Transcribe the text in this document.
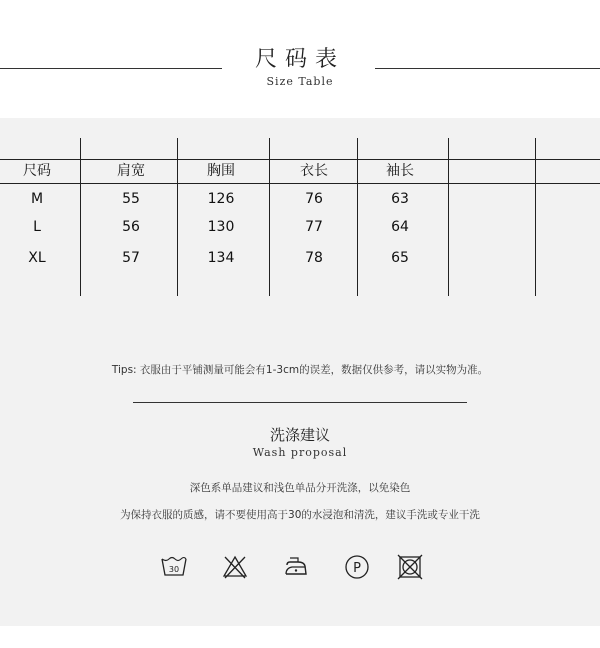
尺码表
Size Table
尺码	肩宽	胸围	衣长	袖长
M	55	126	76	63
L	56	130	77	64
XL	57	134	78	65
Tips: 衣服由于平铺测量可能会有1-3cm的误差，数据仅供参考，请以实物为准。
洗涤建议
Wash proposal
深色系单品建议和浅色单品分开洗涤，以免染色
为保持衣服的质感，请不要使用高于30的水浸泡和清洗，建议手洗或专业干洗
30	P
